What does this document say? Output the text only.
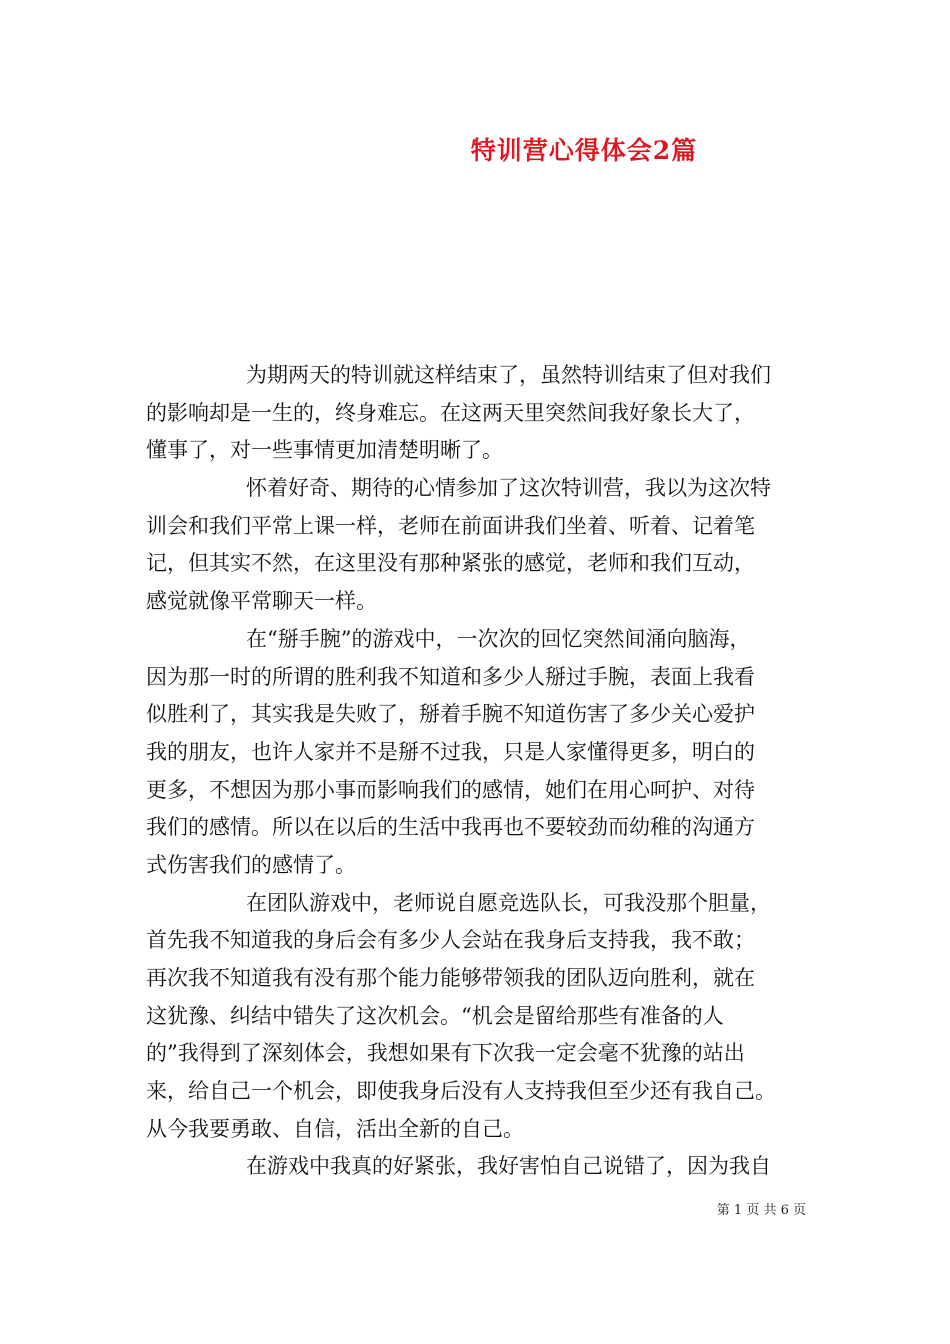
特训营心得体会2篇
为期两天的特训就这样结束了，虽然特训结束了但对我们
的影响却是一生的，终身难忘。在这两天里突然间我好象长大了，
懂事了，对一些事情更加清楚明晰了。
怀着好奇、期待的心情参加了这次特训营，我以为这次特
训会和我们平常上课一样，老师在前面讲我们坐着、听着、记着笔
记，但其实不然，在这里没有那种紧张的感觉，老师和我们互动，
感觉就像平常聊天一样。
在“掰手腕”的游戏中，一次次的回忆突然间涌向脑海，
因为那一时的所谓的胜利我不知道和多少人掰过手腕，表面上我看
似胜利了，其实我是失败了，掰着手腕不知道伤害了多少关心爱护
我的朋友，也许人家并不是掰不过我，只是人家懂得更多，明白的
更多，不想因为那小事而影响我们的感情，她们在用心呵护、对待
我们的感情。所以在以后的生活中我再也不要较劲而幼稚的沟通方
式伤害我们的感情了。
在团队游戏中，老师说自愿竞选队长，可我没那个胆量，
首先我不知道我的身后会有多少人会站在我身后支持我，我不敢；
再次我不知道我有没有那个能力能够带领我的团队迈向胜利，就在
这犹豫、纠结中错失了这次机会。“机会是留给那些有准备的人
的”我得到了深刻体会，我想如果有下次我一定会毫不犹豫的站出
来，给自己一个机会，即使我身后没有人支持我但至少还有我自己。
从今我要勇敢、自信，活出全新的自己。
在游戏中我真的好紧张，我好害怕自己说错了，因为我自
第 1 页 共 6 页
